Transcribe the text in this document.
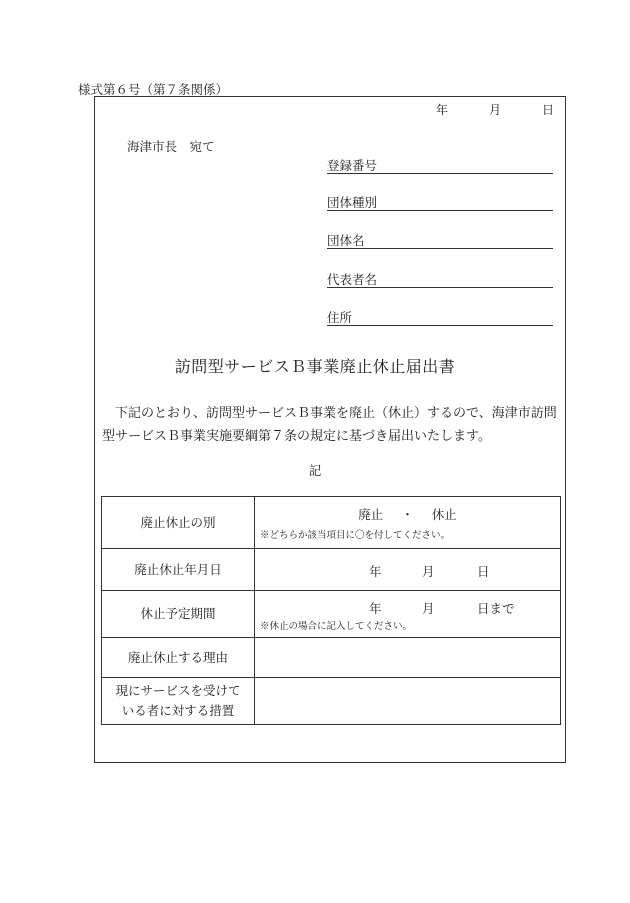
様式第６号（第７条関係）
年	月	日
海津市長　宛て
登録番号
団体種別
団体名
代表者名
住所
訪問型サービスＢ事業廃止休止届出書
下記のとおり、訪問型サービスＢ事業を廃止（休止）するので、海津市訪問型サービスＢ事業実施要綱第７条の規定に基づき届出いたします。
記
廃止休止の別	廃止 ・ 休止
※どちらか該当項目に〇を付してください。

廃止休止年月日	年 月 日

休止予定期間	年 月 日まで
※休止の場合に記入してください。

廃止休止する理由	
現にサービスを受けて
いる者に対する措置	
